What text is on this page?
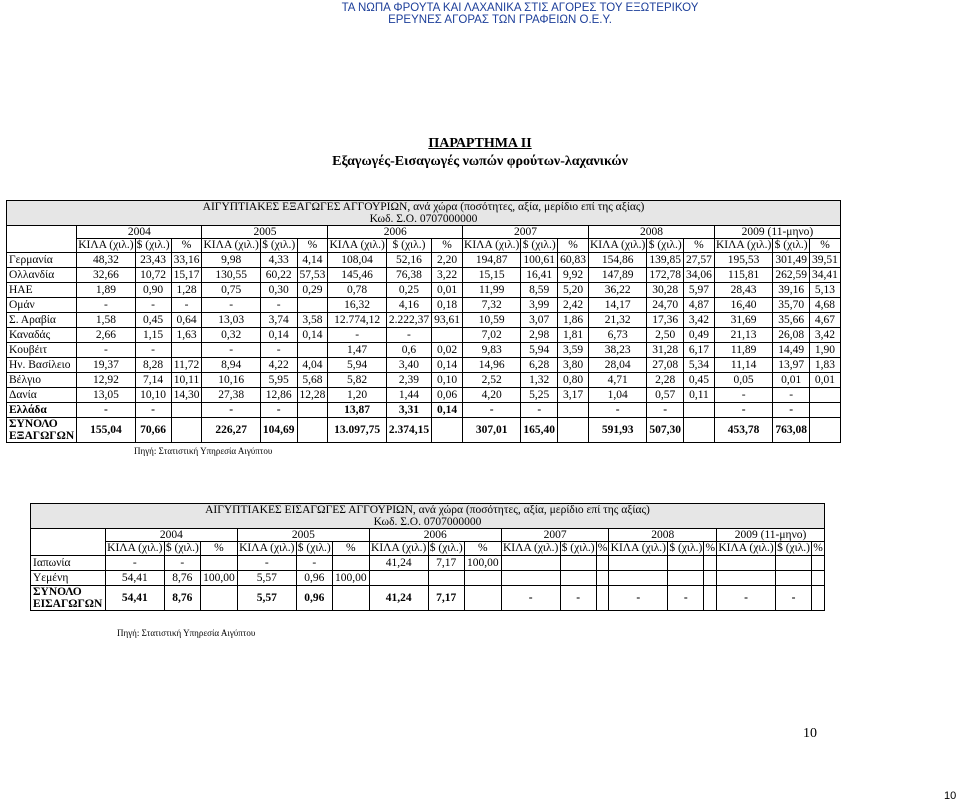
ΤΑ ΝΩΠΑ ΦΡΟΥΤΑ ΚΑΙ ΛΑΧΑΝΙΚΑ ΣΤΙΣ ΑΓΟΡΕΣ ΤΟΥ ΕΞΩΤΕΡΙΚΟΥ
ΕΡΕΥΝΕΣ ΑΓΟΡΑΣ ΤΩΝ ΓΡΑΦΕΙΩΝ Ο.Ε.Υ.
ΠΑΡΑΡΤΗΜΑ ΙΙ
Εξαγωγές-Εισαγωγές νωπών φρούτων-λαχανικών
ΑΙΓΥΠΤΙΑΚΕΣ ΕΞΑΓΩΓΕΣ ΑΓΓΟΥΡΙΩΝ, ανά χώρα (ποσότητες, αξία, μερίδιο επί της αξίας)																		
Κωδ. Σ.Ο. 0707000000																		
	2004			2005			2006			2007			2008			2009 (11-μηνο)		
	ΚΙΛΑ (χιλ.)	$ (χιλ.)	%	ΚΙΛΑ (χιλ.)	$ (χιλ.)	%	ΚΙΛΑ (χιλ.)	$ (χιλ.)	%	ΚΙΛΑ (χιλ.)	$ (χιλ.)	%	ΚΙΛΑ (χιλ.)	$ (χιλ.)	%	ΚΙΛΑ (χιλ.)	$ (χιλ.)	%
Γερμανία	48,32	23,43	33,16	9,98	4,33	4,14	108,04	52,16	2,20	194,87	100,61	60,83	154,86	139,85	27,57	195,53	301,49	39,51
Ολλανδία	32,66	10,72	15,17	130,55	60,22	57,53	145,46	76,38	3,22	15,15	16,41	9,92	147,89	172,78	34,06	115,81	262,59	34,41
ΗΑΕ	1,89	0,90	1,28	0,75	0,30	0,29	0,78	0,25	0,01	11,99	8,59	5,20	36,22	30,28	5,97	28,43	39,16	5,13
Ομάν	-	-	-	-	-		16,32	4,16	0,18	7,32	3,99	2,42	14,17	24,70	4,87	16,40	35,70	4,68
Σ. Αραβία	1,58	0,45	0,64	13,03	3,74	3,58	12.774,12	2.222,37	93,61	10,59	3,07	1,86	21,32	17,36	3,42	31,69	35,66	4,67
Καναδάς	2,66	1,15	1,63	0,32	0,14	0,14	-	-		7,02	2,98	1,81	6,73	2,50	0,49	21,13	26,08	3,42
Κουβέιτ	-	-		-	-		1,47	0,6	0,02	9,83	5,94	3,59	38,23	31,28	6,17	11,89	14,49	1,90
Ην. Βασίλειο	19,37	8,28	11,72	8,94	4,22	4,04	5,94	3,40	0,14	14,96	6,28	3,80	28,04	27,08	5,34	11,14	13,97	1,83
Βέλγιο	12,92	7,14	10,11	10,16	5,95	5,68	5,82	2,39	0,10	2,52	1,32	0,80	4,71	2,28	0,45	0,05	0,01	0,01
Δανία	13,05	10,10	14,30	27,38	12,86	12,28	1,20	1,44	0,06	4,20	5,25	3,17	1,04	0,57	0,11	-	-	
Ελλάδα	-	-		-	-		13,87	3,31	0,14	-	-		-	-		-	-	

ΣΥΝΟΛΟ
ΕΞΑΓΩΓΩΝ	155,04	70,66		226,27	104,69		13.097,75	2.374,15		307,01	165,40		591,93	507,30		453,78	763,08	
Πηγή: Στατιστική Υπηρεσία Αιγύπτου
ΑΙΓΥΠΤΙΑΚΕΣ ΕΙΣΑΓΩΓΕΣ ΑΓΓΟΥΡΙΩΝ, ανά χώρα (ποσότητες, αξία, μερίδιο επί της αξίας)																		
Κωδ. Σ.Ο. 0707000000																		
	2004			2005			2006			2007			2008			2009 (11-μηνο)		
	ΚΙΛΑ (χιλ.)	$ (χιλ.)	%	ΚΙΛΑ (χιλ.)	$ (χιλ.)	%	ΚΙΛΑ (χιλ.)	$ (χιλ.)	%	ΚΙΛΑ (χιλ.)	$ (χιλ.)	%	ΚΙΛΑ (χιλ.)	$ (χιλ.)	%	ΚΙΛΑ (χιλ.)	$ (χιλ.)	%
Ιαπωνία	-	-		-	-		41,24	7,17	100,00									
Υεμένη	54,41	8,76	100,00	5,57	0,96	100,00												

ΣΥΝΟΛΟ
ΕΙΣΑΓΩΓΩΝ	54,41	8,76		5,57	0,96		41,24	7,17		-	-		-	-		-	-	
Πηγή: Στατιστική Υπηρεσία Αιγύπτου
10
10
